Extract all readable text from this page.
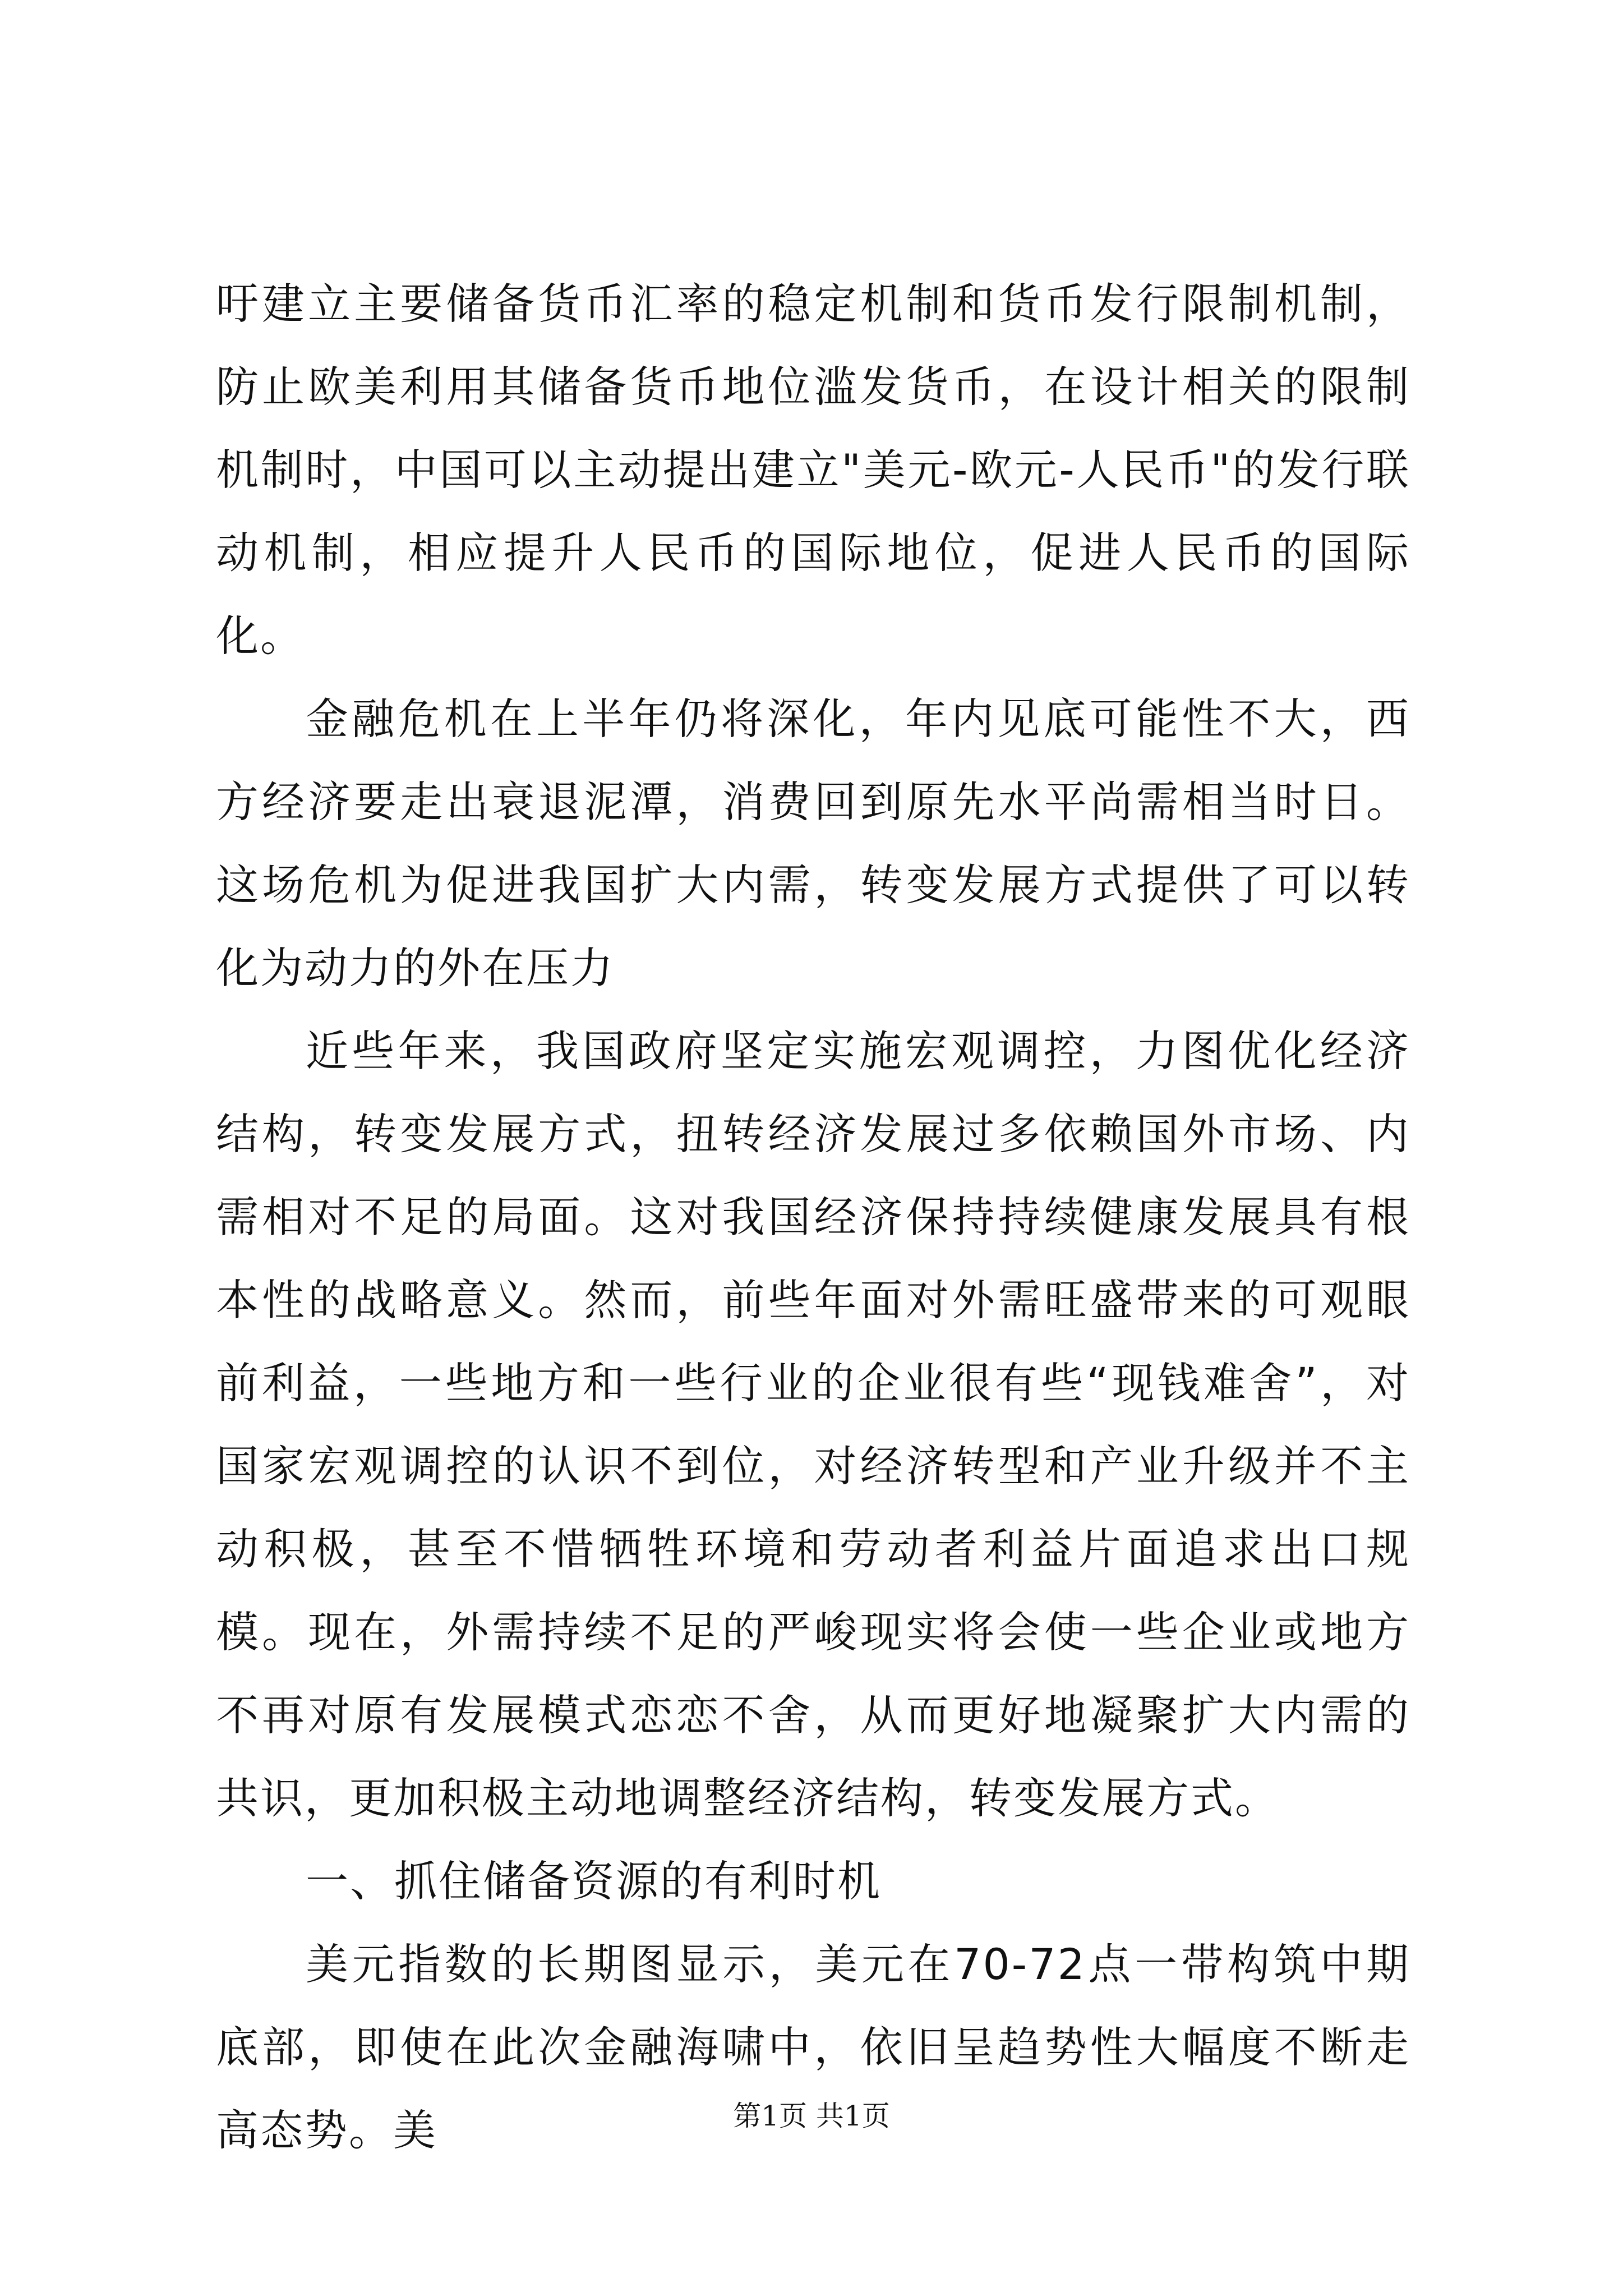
吁建立主要储备货币汇率的稳定机制和货币发行限制机制，防止欧美利用其储备货币地位滥发货币，在设计相关的限制机制时，中国可以主动提出建立"美元-欧元-人民币"的发行联动机制，相应提升人民币的国际地位，促进人民币的国际化。

金融危机在上半年仍将深化，年内见底可能性不大，西方经济要走出衰退泥潭，消费回到原先水平尚需相当时日。这场危机为促进我国扩大内需，转变发展方式提供了可以转化为动力的外在压力

近些年来，我国政府坚定实施宏观调控，力图优化经济结构，转变发展方式，扭转经济发展过多依赖国外市场、内需相对不足的局面。这对我国经济保持持续健康发展具有根本性的战略意义。然而，前些年面对外需旺盛带来的可观眼前利益，一些地方和一些行业的企业很有些“现钱难舍”，对国家宏观调控的认识不到位，对经济转型和产业升级并不主动积极，甚至不惜牺牲环境和劳动者利益片面追求出口规模。现在，外需持续不足的严峻现实将会使一些企业或地方不再对原有发展模式恋恋不舍，从而更好地凝聚扩大内需的共识，更加积极主动地调整经济结构，转变发展方式。

一、抓住储备资源的有利时机

美元指数的长期图显示，美元在70-72点一带构筑中期底部，即使在此次金融海啸中，依旧呈趋势性大幅度不断走高态势。美	第1页 共1页
